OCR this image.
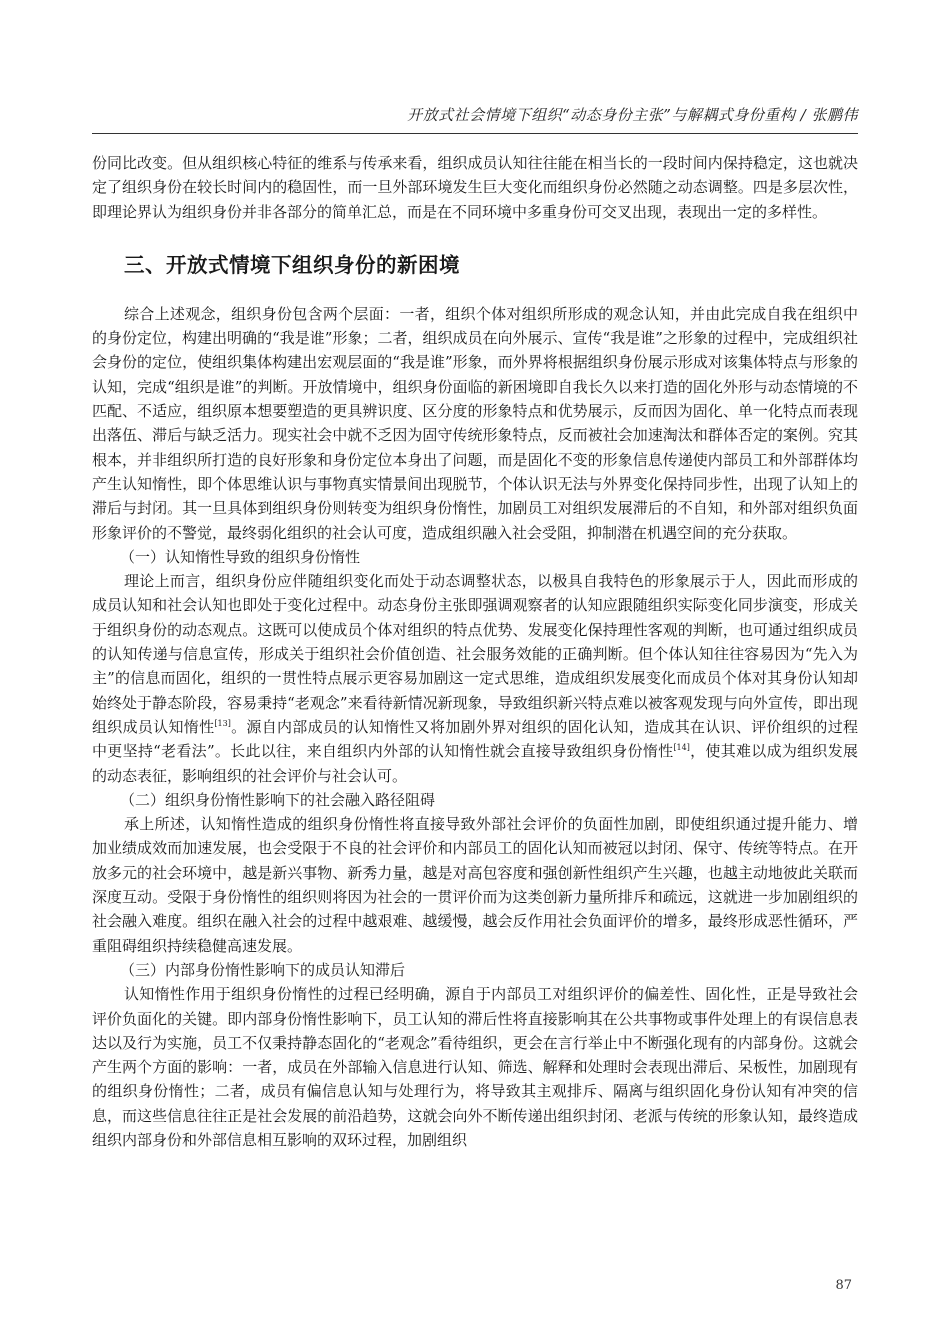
开放式社会情境下组织“动态身份主张”与解耦式身份重构 / 张鹏伟

份同比改变。但从组织核心特征的维系与传承来看，组织成员认知往往能在相当长的一段时间内保持稳定，这也就决定了组织身份在较长时间内的稳固性，而一旦外部环境发生巨大变化而组织身份必然随之动态调整。四是多层次性，即理论界认为组织身份并非各部分的简单汇总，而是在不同环境中多重身份可交叉出现，表现出一定的多样性。

三、开放式情境下组织身份的新困境

综合上述观念，组织身份包含两个层面：一者，组织个体对组织所形成的观念认知，并由此完成自我在组织中的身份定位，构建出明确的“我是谁”形象；二者，组织成员在向外展示、宣传“我是谁”之形象的过程中，完成组织社会身份的定位，使组织集体构建出宏观层面的“我是谁”形象，而外界将根据组织身份展示形成对该集体特点与形象的认知，完成“组织是谁”的判断。开放情境中，组织身份面临的新困境即自我长久以来打造的固化外形与动态情境的不匹配、不适应，组织原本想要塑造的更具辨识度、区分度的形象特点和优势展示，反而因为固化、单一化特点而表现出落伍、滞后与缺乏活力。现实社会中就不乏因为固守传统形象特点，反而被社会加速淘汰和群体否定的案例。究其根本，并非组织所打造的良好形象和身份定位本身出了问题，而是固化不变的形象信息传递使内部员工和外部群体均产生认知惰性，即个体思维认识与事物真实情景间出现脱节，个体认识无法与外界变化保持同步性，出现了认知上的滞后与封闭。其一旦具体到组织身份则转变为组织身份惰性，加剧员工对组织发展滞后的不自知，和外部对组织负面形象评价的不警觉，最终弱化组织的社会认可度，造成组织融入社会受阻，抑制潜在机遇空间的充分获取。

（一）认知惰性导致的组织身份惰性

理论上而言，组织身份应伴随组织变化而处于动态调整状态，以极具自我特色的形象展示于人，因此而形成的成员认知和社会认知也即处于变化过程中。动态身份主张即强调观察者的认知应跟随组织实际变化同步演变，形成关于组织身份的动态观点。这既可以使成员个体对组织的特点优势、发展变化保持理性客观的判断，也可通过组织成员的认知传递与信息宣传，形成关于组织社会价值创造、社会服务效能的正确判断。但个体认知往往容易因为“先入为主”的信息而固化，组织的一贯性特点展示更容易加剧这一定式思维，造成组织发展变化而成员个体对其身份认知却始终处于静态阶段，容易秉持“老观念”来看待新情况新现象，导致组织新兴特点难以被客观发现与向外宣传，即出现组织成员认知惰性[13]。源自内部成员的认知惰性又将加剧外界对组织的固化认知，造成其在认识、评价组织的过程中更坚持“老看法”。长此以往，来自组织内外部的认知惰性就会直接导致组织身份惰性[14]，使其难以成为组织发展的动态表征，影响组织的社会评价与社会认可。

（二）组织身份惰性影响下的社会融入路径阻碍

承上所述，认知惰性造成的组织身份惰性将直接导致外部社会评价的负面性加剧，即使组织通过提升能力、增加业绩成效而加速发展，也会受限于不良的社会评价和内部员工的固化认知而被冠以封闭、保守、传统等特点。在开放多元的社会环境中，越是新兴事物、新秀力量，越是对高包容度和强创新性组织产生兴趣，也越主动地彼此关联而深度互动。受限于身份惰性的组织则将因为社会的一贯评价而为这类创新力量所排斥和疏远，这就进一步加剧组织的社会融入难度。组织在融入社会的过程中越艰难、越缓慢，越会反作用社会负面评价的增多，最终形成恶性循环，严重阻碍组织持续稳健高速发展。

（三）内部身份惰性影响下的成员认知滞后

认知惰性作用于组织身份惰性的过程已经明确，源自于内部员工对组织评价的偏差性、固化性，正是导致社会评价负面化的关键。即内部身份惰性影响下，员工认知的滞后性将直接影响其在公共事物或事件处理上的有误信息表达以及行为实施，员工不仅秉持静态固化的“老观念”看待组织，更会在言行举止中不断强化现有的内部身份。这就会产生两个方面的影响：一者，成员在外部输入信息进行认知、筛选、解释和处理时会表现出滞后、呆板性，加剧现有的组织身份惰性；二者，成员有偏信息认知与处理行为，将导致其主观排斥、隔离与组织固化身份认知有冲突的信息，而这些信息往往正是社会发展的前沿趋势，这就会向外不断传递出组织封闭、老派与传统的形象认知，最终造成组织内部身份和外部信息相互影响的双环过程，加剧组织

87
